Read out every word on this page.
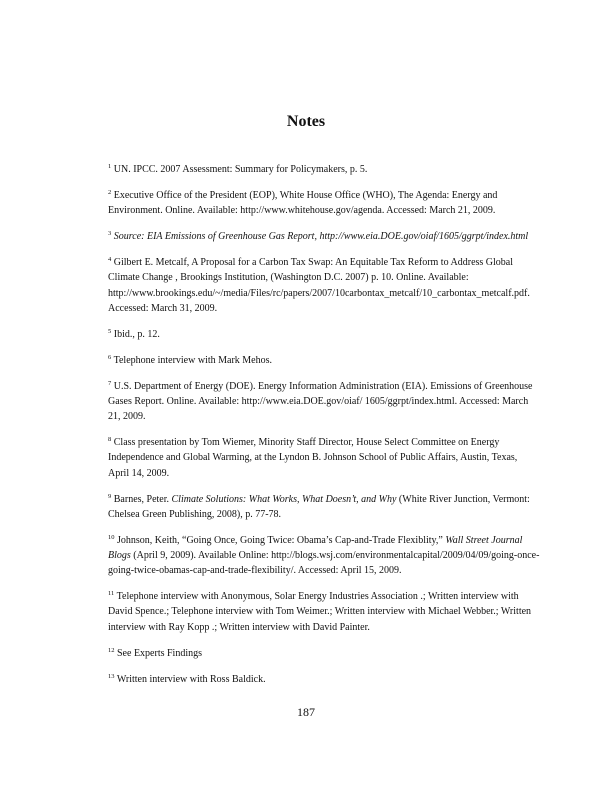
Notes
$^1$ UN. IPCC. 2007 Assessment: Summary for Policymakers, p. 5.
$^2$ Executive Office of the President (EOP), White House Office (WHO), The Agenda: Energy and
Environment. Online. Available: http://www.whitehouse.gov/agenda. Accessed: March 21, 2009.
$^3$ Source: EIA Emissions of Greenhouse Gas Report, http://www.eia.DOE.gov/oiaf/1605/ggrpt/index.html
$^4$ Gilbert E. Metcalf, A Proposal for a Carbon Tax Swap: An Equitable Tax Reform to Address Global
Climate Change , Brookings Institution, (Washington D.C. 2007) p. 10. Online. Available:
http://www.brookings.edu/~/media/Files/rc/papers/2007/10carbontax_metcalf/10_carbontax_metcalf.pdf.
Accessed: March 31, 2009.
$^5$ Ibid., p. 12.
$^6$ Telephone interview with Mark Mehos.
$^7$ U.S. Department of Energy (DOE). Energy Information Administration (EIA). Emissions of Greenhouse
Gases Report. Online. Available: http://www.eia.DOE.gov/oiaf/ 1605/ggrpt/index.html. Accessed: March
21, 2009.
$^8$ Class presentation by Tom Wiemer, Minority Staff Director, House Select Committee on Energy
Independence and Global Warming, at the Lyndon B. Johnson School of Public Affairs, Austin, Texas,
April 14, 2009.
$^9$ Barnes, Peter. Climate Solutions: What Works, What Doesn’t, and Why (White River Junction, Vermont:
Chelsea Green Publishing, 2008), p. 77-78.
$^{10}$ Johnson, Keith, “Going Once, Going Twice: Obama’s Cap-and-Trade Flexiblity,” Wall Street Journal
Blogs (April 9, 2009). Available Online: http://blogs.wsj.com/environmentalcapital/2009/04/09/going-once-
going-twice-obamas-cap-and-trade-flexibility/. Accessed: April 15, 2009.
$^{11}$ Telephone interview with Anonymous, Solar Energy Industries Association .; Written interview with
David Spence.; Telephone interview with Tom Weimer.; Written interview with Michael Webber.; Written
interview with Ray Kopp .; Written interview with David Painter.
$^{12}$ See Experts Findings
$^{13}$ Written interview with Ross Baldick.
187
